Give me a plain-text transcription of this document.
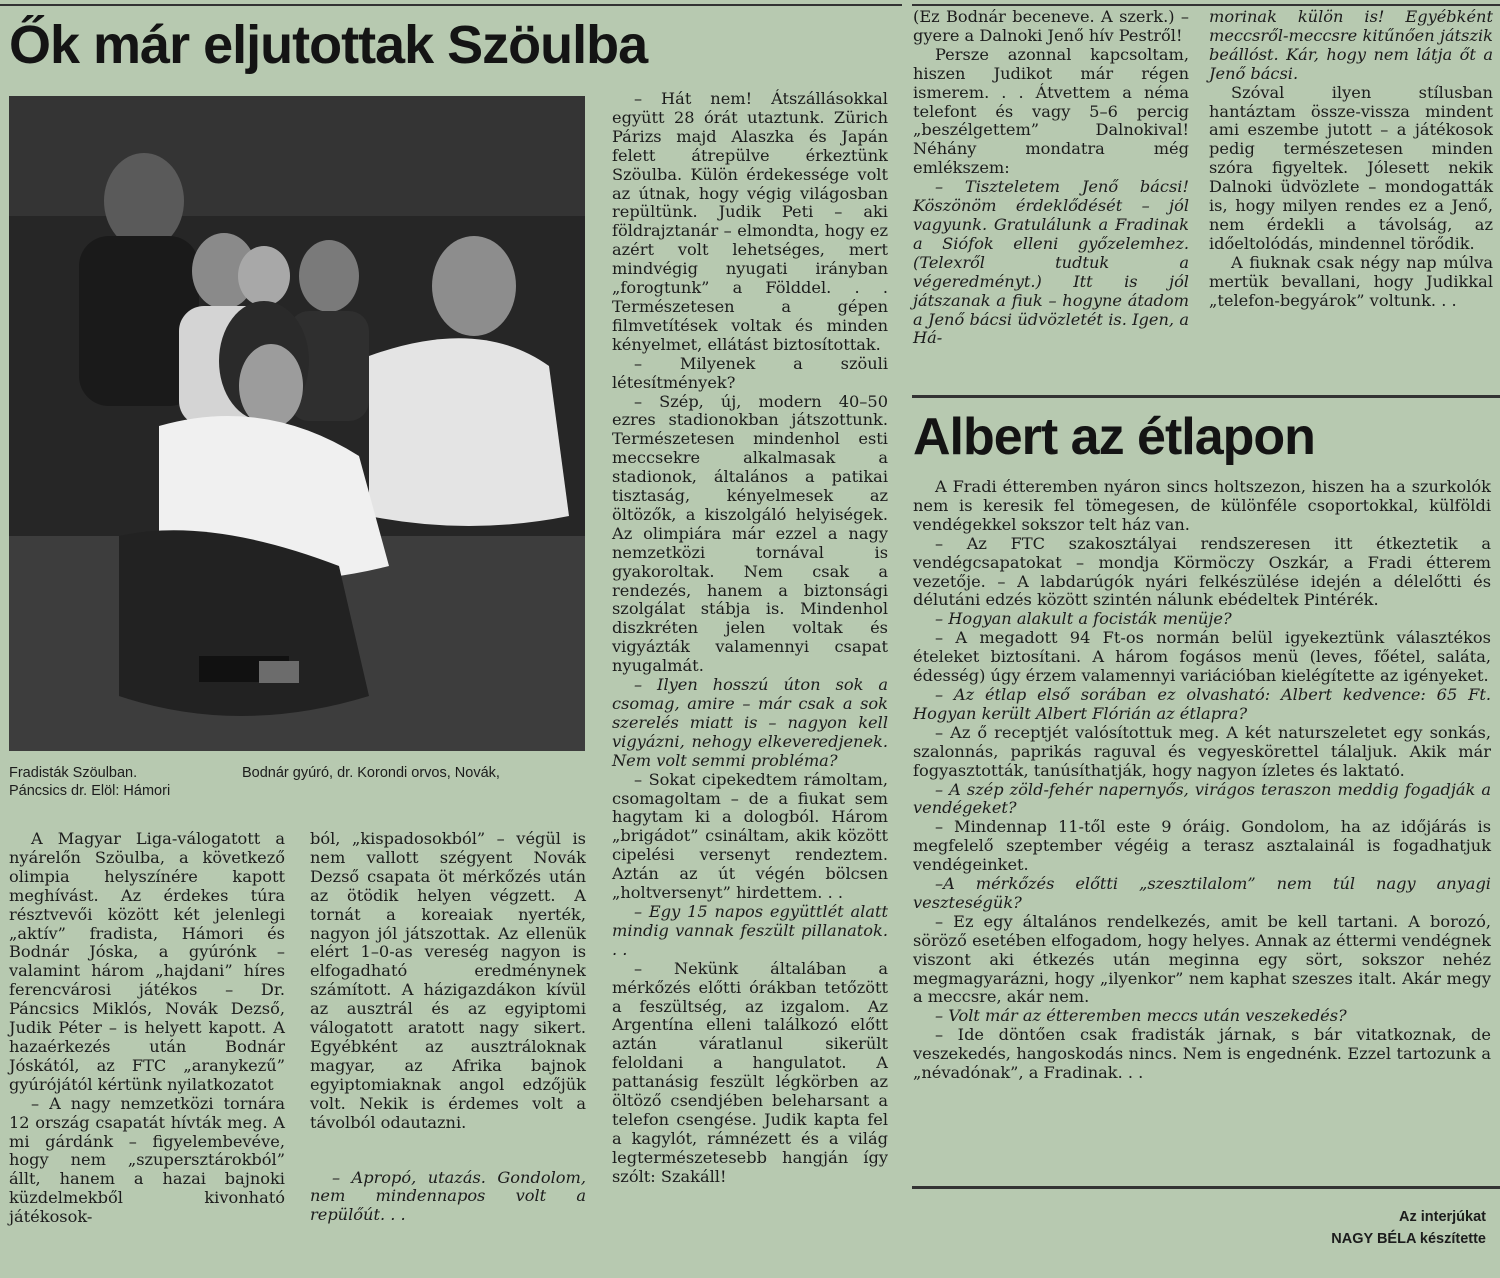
Ők már eljutottak Szöulba
Fradisták Szöulban.
Páncsics dr. Elöl: Hámori
Bodnár gyúró, dr. Korondi orvos, Novák,

A Magyar Liga-válogatott a nyárelőn Szöulba, a következő olimpia helyszínére kapott meghívást. Az érdekes túra résztvevői között két jelenlegi „aktív” fradista, Hámori és Bodnár Jóska, a gyúrónk – valamint három „hajdani” híres ferencvárosi játékos – Dr. Páncsics Miklós, Novák Dezső, Judik Péter – is helyett kapott. A hazaérkezés után Bodnár Jóskától, az FTC „aranykezű” gyúrójától kértünk nyilatkozatot

– A nagy nemzetközi tornára 12 ország csapatát hívták meg. A mi gárdánk – figyelembevéve, hogy nem „szupersztárokból” állt, hanem a hazai bajnoki küzdelmekből kivonható játékosok-

ból, „kispadosokból” – végül is nem vallott szégyent Novák Dezső csapata öt mérkőzés után az ötödik helyen végzett. A tornát a koreaiak nyerték, nagyon jól játszottak. Az ellenük elért 1–0-as vereség nagyon is elfogadható eredménynek számított. A házigazdákon kívül az ausztrál és az egyiptomi válogatott aratott nagy sikert. Egyébként az ausztráloknak magyar, az Afrika bajnok egyiptomiaknak angol edzőjük volt. Nekik is érdemes volt a távolból odautazni.

– Apropó, utazás. Gondolom, nem mindennapos volt a repülőút. . .

– Hát nem! Átszállásokkal együtt 28 órát utaztunk. Zürich Párizs majd Alaszka és Japán felett átrepülve érkeztünk Szöulba. Külön érdekessége volt az útnak, hogy végig világosban repültünk. Judik Peti – aki földrajztanár – elmondta, hogy ez azért volt lehetséges, mert mindvégig nyugati irányban „forogtunk” a Földdel. . . Természetesen a gépen filmvetítések voltak és minden kényelmet, ellátást biztosítottak.

– Milyenek a szöuli létesítmények?

– Szép, új, modern 40–50 ezres stadionokban játszottunk. Természetesen mindenhol esti meccsekre alkalmasak a stadionok, általános a patikai tisztaság, kényelmesek az öltözők, a kiszolgáló helyiségek. Az olimpiára már ezzel a nagy nemzetközi tornával is gyakoroltak. Nem csak a rendezés, hanem a biztonsági szolgálat stábja is. Mindenhol diszkréten jelen voltak és vigyázták valamennyi csapat nyugalmát.

– Ilyen hosszú úton sok a csomag, amire – már csak a sok szerelés miatt is – nagyon kell vigyázni, nehogy elkeveredjenek. Nem volt semmi probléma?

– Sokat cipekedtem rámoltam, csomagoltam – de a fiukat sem hagytam ki a dologból. Három „brigádot” csináltam, akik között cipelési versenyt rendeztem. Aztán az út végén bölcsen „holtversenyt” hirdettem. . .

– Egy 15 napos együttlét alatt mindig vannak feszült pillanatok. . .

– Nekünk általában a mérkőzés előtti órákban tetőzött a feszültség, az izgalom. Az Argentína elleni találkozó előtt aztán váratlanul sikerült feloldani a hangulatot. A pattanásig feszült légkörben az öltöző csendjében beleharsant a telefon csengése. Judik kapta fel a kagylót, rámnézett és a világ legtermészetesebb hangján így szólt: Szakáll!

(Ez Bodnár beceneve. A szerk.) – gyere a Dalnoki Jenő hív Pestről!

Persze azonnal kapcsoltam, hiszen Judikot már régen ismerem. . . Átvettem a néma telefont és vagy 5–6 percig „beszélgettem” Dalnokival! Néhány mondatra még emlékszem:

– Tiszteletem Jenő bácsi! Köszönöm érdeklődését – jól vagyunk. Gratulálunk a Fradinak a Siófok elleni győzelemhez. (Telexről tudtuk a végeredményt.) Itt is jól játszanak a fiuk – hogyne átadom a Jenő bácsi üdvözletét is. Igen, a Há-

morinak külön is! Egyébként meccsről-meccsre kitűnően játszik beállóst. Kár, hogy nem látja őt a Jenő bácsi.

Szóval ilyen stílusban hantáztam össze-vissza mindent ami eszembe jutott – a játékosok pedig természetesen minden szóra figyeltek. Jólesett nekik Dalnoki üdvözlete – mondogatták is, hogy milyen rendes ez a Jenő, nem érdekli a távolság, az időeltolódás, mindennel törődik.

A fiuknak csak négy nap múlva mertük bevallani, hogy Judikkal „telefon-begyárok” voltunk. . .

Albert az étlapon

A Fradi étteremben nyáron sincs holtszezon, hiszen ha a szurkolók nem is keresik fel tömegesen, de különféle csoportokkal, külföldi vendégekkel sokszor telt ház van.

– Az FTC szakosztályai rendszeresen itt étkeztetik a vendégcsapatokat – mondja Körmöczy Oszkár, a Fradi étterem vezetője. – A labdarúgók nyári felkészülése idején a délelőtti és délutáni edzés között szintén nálunk ebédeltek Pintérék.

– Hogyan alakult a focisták menüje?

– A megadott 94 Ft-os normán belül igyekeztünk választékos ételeket biztosítani. A három fogásos menü (leves, főétel, saláta, édesség) úgy érzem valamennyi variációban kielégítette az igényeket.

– Az étlap első sorában ez olvasható: Albert kedvence: 65 Ft. Hogyan került Albert Flórián az étlapra?

– Az ő receptjét valósítottuk meg. A két naturszeletet egy sonkás, szalonnás, paprikás raguval és vegyeskörettel tálaljuk. Akik már fogyasztották, tanúsíthatják, hogy nagyon ízletes és laktató.

– A szép zöld-fehér napernyős, virágos teraszon meddig fogadják a vendégeket?

– Mindennap 11-től este 9 óráig. Gondolom, ha az időjárás is megfelelő szeptember végéig a terasz asztalainál is fogadhatjuk vendégeinket.

–A mérkőzés előtti „szesztilalom” nem túl nagy anyagi veszteségük?

– Ez egy általános rendelkezés, amit be kell tartani. A borozó, söröző esetében elfogadom, hogy helyes. Annak az éttermi vendégnek viszont aki étkezés után meginna egy sört, sokszor nehéz megmagyarázni, hogy „ilyenkor” nem kaphat szeszes italt. Akár megy a meccsre, akár nem.

– Volt már az étteremben meccs után veszekedés?

– Ide döntően csak fradisták járnak, s bár vitatkoznak, de veszekedés, hangoskodás nincs. Nem is engednénk. Ezzel tartozunk a „névadónak”, a Fradinak. . .

Az interjúkat
NAGY BÉLA készítette
